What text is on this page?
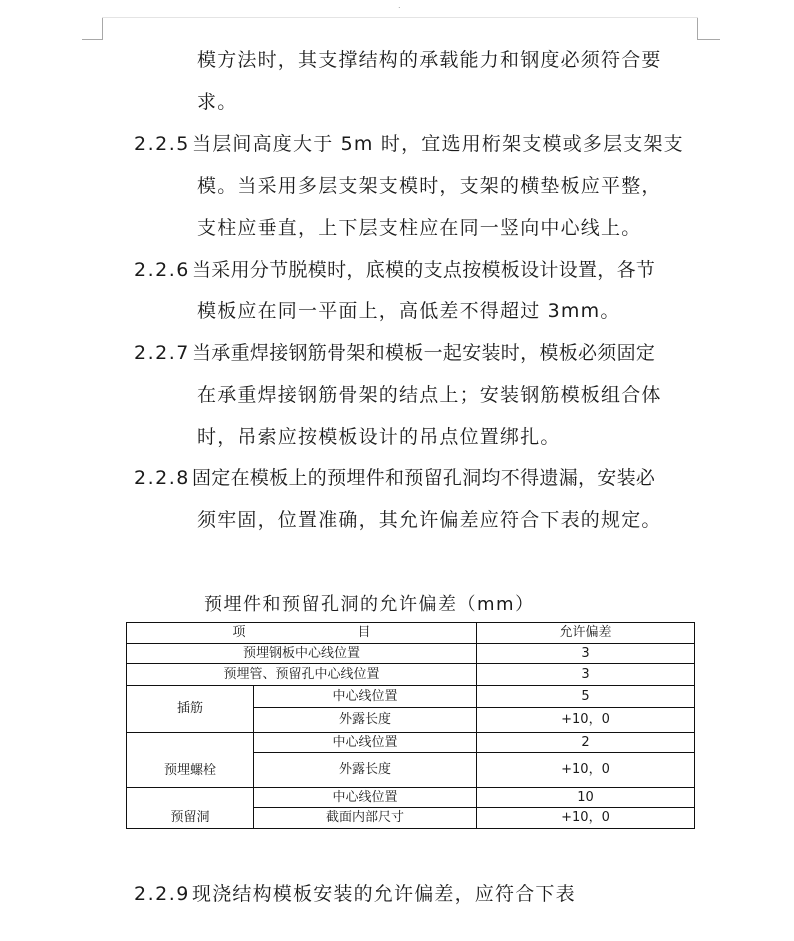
.
模方法时，其支撑结构的承载能力和钢度必须符合要
求。
2.2.5 当层间高度大于 5m 时，宜选用桁架支模或多层支架支
模。当采用多层支架支模时，支架的横垫板应平整，
支柱应垂直，上下层支柱应在同一竖向中心线上。
2.2.6 当采用分节脱模时，底模的支点按模板设计设置，各节
模板应在同一平面上，高低差不得超过 3mm。
2.2.7 当承重焊接钢筋骨架和模板一起安装时，模板必须固定
在承重焊接钢筋骨架的结点上；安装钢筋模板组合体
时，吊索应按模板设计的吊点位置绑扎。
2.2.8 固定在模板上的预埋件和预留孔洞均不得遗漏，安装必
须牢固，位置准确，其允许偏差应符合下表的规定。
预埋件和预留孔洞的允许偏差（mm）
项 目		允许偏差
预埋钢板中心线位置		3
预埋管、预留孔中心线位置		3
插筋	中心线位置	5
	外露长度	+10，0
预埋螺栓	中心线位置	2
	外露长度	+10，0
预留洞	中心线位置	10
	截面内部尺寸	+10，0
2.2.9 现浇结构模板安装的允许偏差，应符合下表
